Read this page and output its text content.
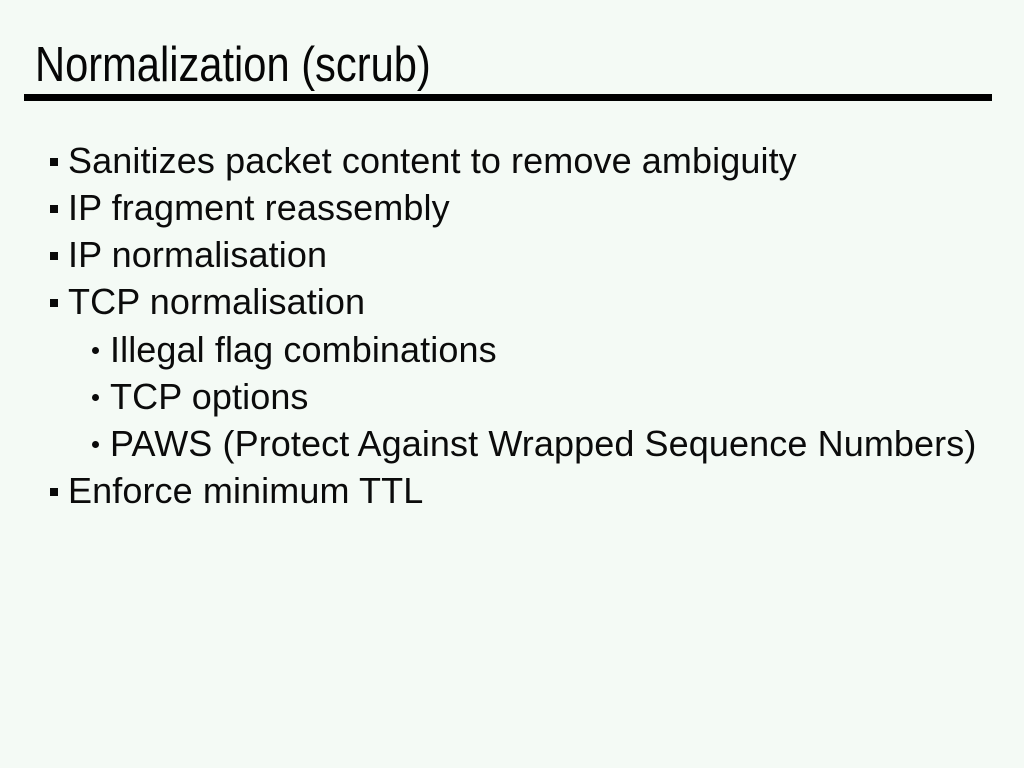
Normalization (scrub)
Sanitizes packet content to remove ambiguity
IP fragment reassembly
IP normalisation
TCP normalisation
Illegal flag combinations
TCP options
PAWS (Protect Against Wrapped Sequence Numbers)
Enforce minimum TTL
